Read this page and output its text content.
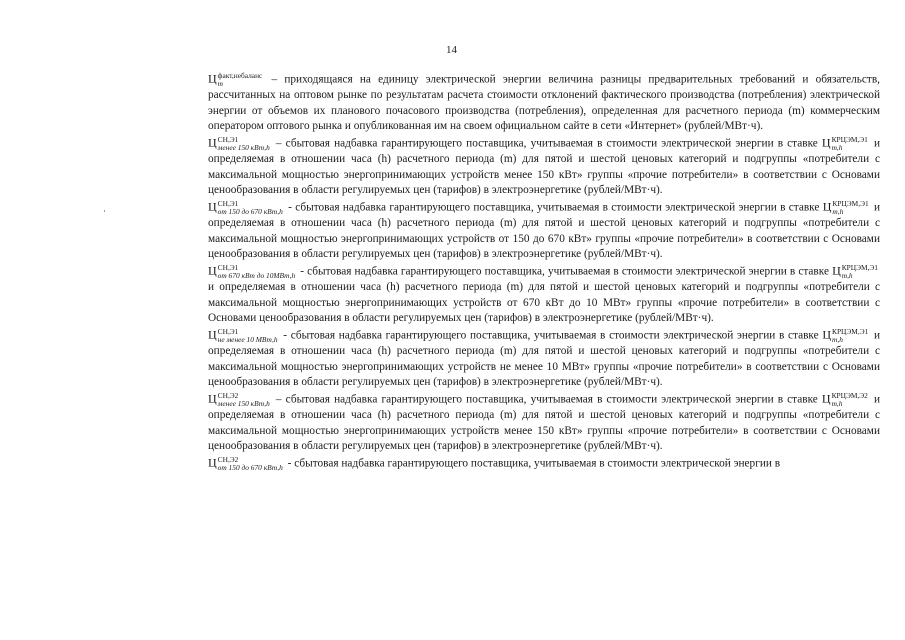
14

Ц факт,небаланс
m	– приходящаяся на единицу электрической энергии величина разницы предварительных требований и обязательств, рассчитанных на оптовом рынке по результатам расчета стоимости отклонений фактического производства (потребления) электрической энергии от объемов их планового почасового производства (потребления), определенная для расчетного периода (m) коммерческим оператором оптового рынка и опубликованная им на своем официальном сайте в сети «Интернет» (рублей/МВт·ч).

Ц СН,Э1
менее 150 кВт,h – сбытовая надбавка гарантирующего поставщика, учитываемая в стоимости электрической энергии в ставке Ц КРЦЭМ,Э1
m,h	и определяемая в отношении часа (h) расчетного периода (m) для пятой и шестой ценовых категорий и подгруппы «потребители с максимальной мощностью энергопринимающих устройств менее 150 кВт» группы «прочие потребители» в соответствии с Основами ценообразования в области регулируемых цен (тарифов) в электроэнергетике (рублей/МВт·ч).

Ц СН,Э1
от 150 до 670 кВт,h - сбытовая надбавка гарантирующего поставщика, учитываемая в стоимости электрической энергии в ставке Ц КРЦЭМ,Э1
m,h	и определяемая в отношении часа (h) расчетного периода (m) для пятой и шестой ценовых категорий и подгруппы «потребители с максимальной мощностью энергопринимающих устройств от 150 до 670 кВт» группы «прочие потребители» в соответствии с Основами ценообразования в области регулируемых цен (тарифов) в электроэнергетике (рублей/МВт·ч).

Ц СН,Э1
от 670 кВт до 10МВт,h - сбытовая надбавка гарантирующего поставщика, учитываемая в стоимости электрической энергии в ставке Ц КРЦЭМ,Э1
m,h
и определяемая в отношении часа (h) расчетного периода (m) для пятой и шестой ценовых категорий и подгруппы «потребители с максимальной мощностью энергопринимающих устройств от 670 кВт до 10 МВт» группы «прочие потребители» в соответствии с Основами ценообразования в области регулируемых цен (тарифов) в электроэнергетике (рублей/МВт·ч).

Ц СН,Э1
не менее 10 МВт,h - сбытовая надбавка гарантирующего поставщика, учитываемая в стоимости электрической энергии в ставке Ц КРЦЭМ,Э1
m,h	и определяемая в отношении часа (h) расчетного периода (m) для пятой и шестой ценовых категорий и подгруппы «потребители с максимальной мощностью энергопринимающих устройств не менее 10 МВт» группы «прочие потребители» в соответствии с Основами ценообразования в области регулируемых цен (тарифов) в электроэнергетике (рублей/МВт·ч).

Ц СН,Э2
менее 150 кВт,h – сбытовая надбавка гарантирующего поставщика, учитываемая в стоимости электрической энергии в ставке Ц КРЦЭМ,Э2
m,h	и определяемая в отношении часа (h) расчетного периода (m) для пятой и шестой ценовых категорий и подгруппы «потребители с максимальной мощностью энергопринимающих устройств менее 150 кВт» группы «прочие потребители» в соответствии с Основами ценообразования в области регулируемых цен (тарифов) в электроэнергетике (рублей/МВт·ч).

Ц СН,Э2
от 150 до 670 кВт,h - сбытовая надбавка гарантирующего поставщика, учитываемая в стоимости электрической энергии в
